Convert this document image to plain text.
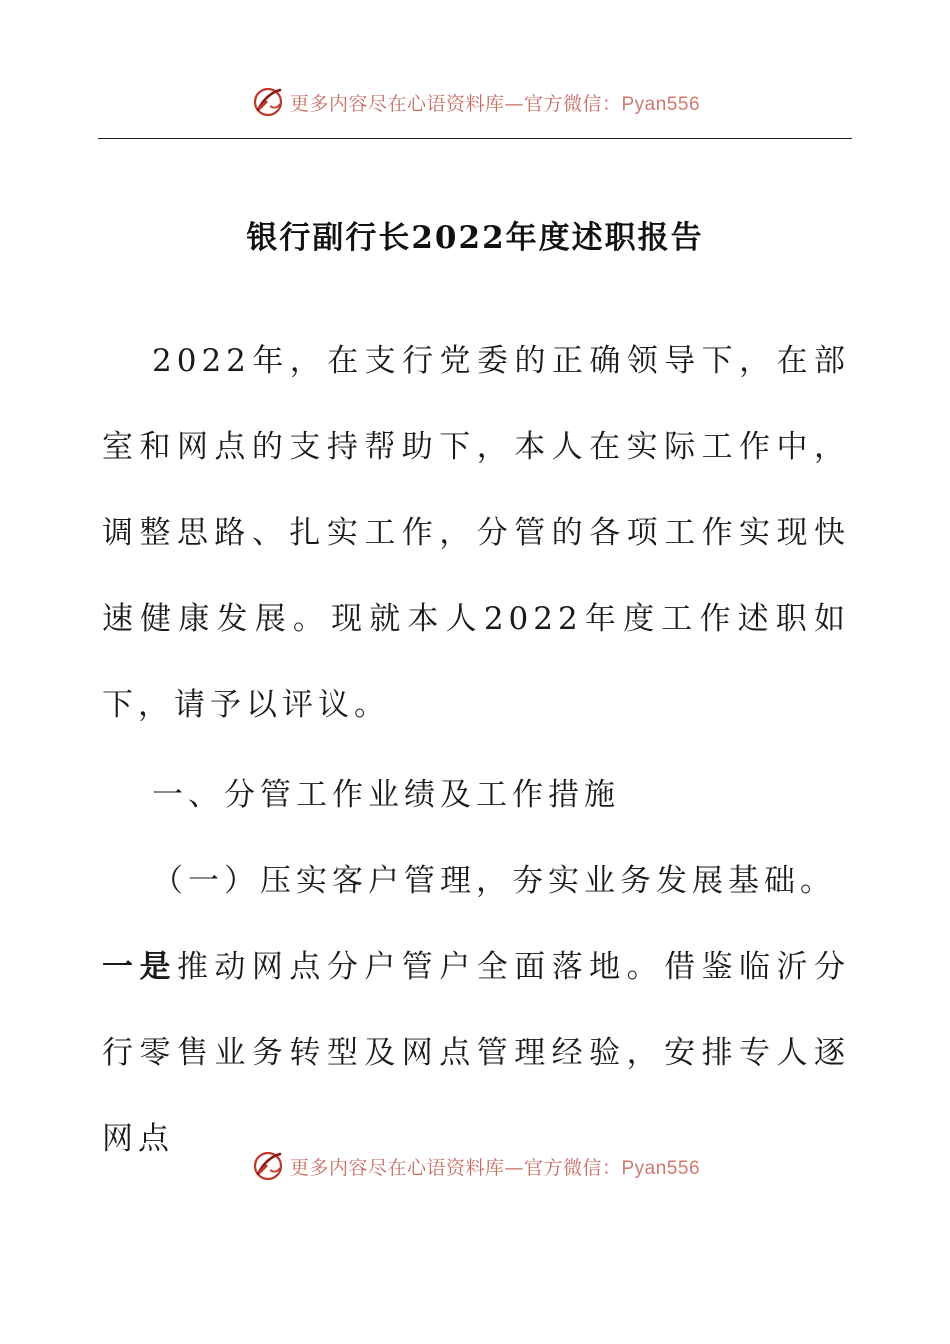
更多内容尽在心语资料库—官方微信：Pyan556
银行副行长2022年度述职报告

2022年，在支行党委的正确领导下，在部室和网点的支持帮助下，本人在实际工作中，调整思路、扎实工作，分管的各项工作实现快速健康发展。现就本人2022年度工作述职如下，请予以评议。

一、分管工作业绩及工作措施

（一）压实客户管理，夯实业务发展基础。

一是推动网点分户管户全面落地。借鉴临沂分行零售业务转型及网点管理经验，安排专人逐网点

更多内容尽在心语资料库—官方微信：Pyan556
